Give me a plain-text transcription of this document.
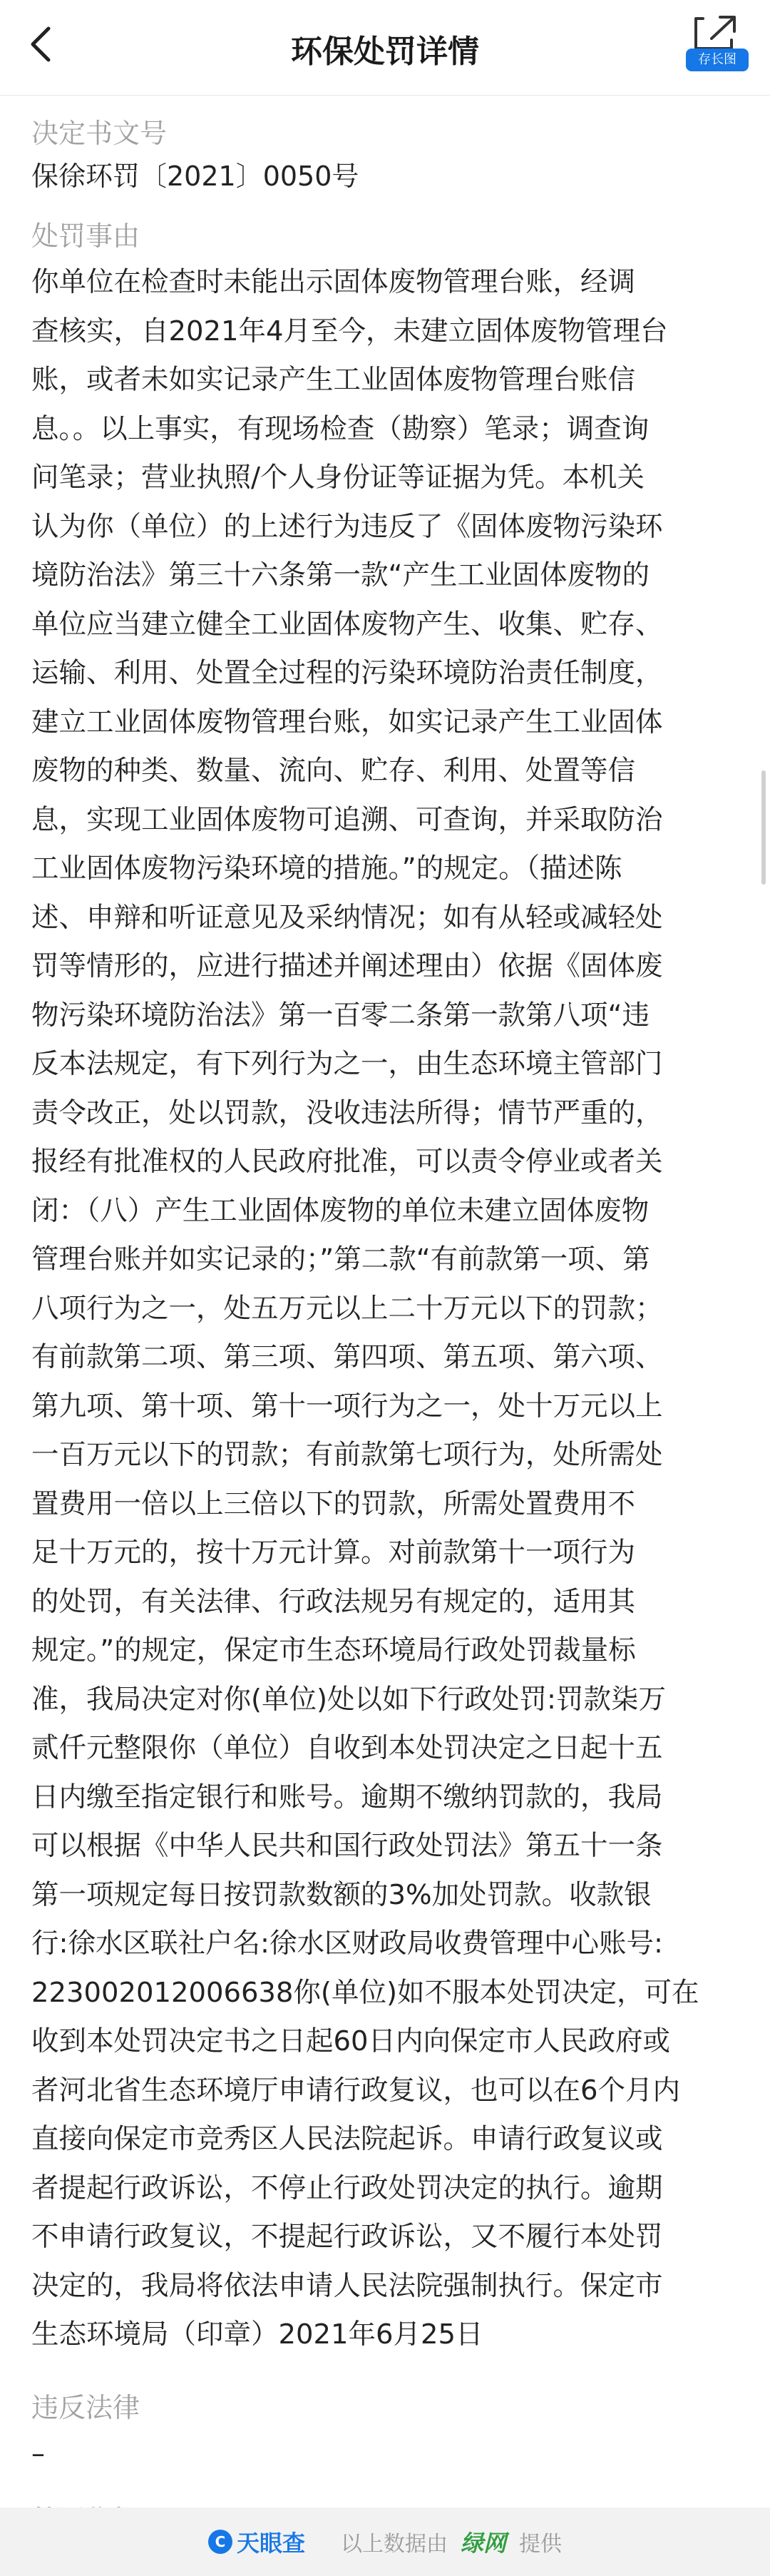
环保处罚详情	存长图
决定书文号
保徐环罚〔2021〕0050号
处罚事由
你单位在检查时未能出示固体废物管理台账，经调
查核实，自2021年4月至今，未建立固体废物管理台
账，或者未如实记录产生工业固体废物管理台账信
息。。以上事实，有现场检查（勘察）笔录；调查询
问笔录；营业执照/个人身份证等证据为凭。本机关
认为你（单位）的上述行为违反了《固体废物污染环
境防治法》第三十六条第一款“产生工业固体废物的
单位应当建立健全工业固体废物产生、收集、贮存、
运输、利用、处置全过程的污染环境防治责任制度，
建立工业固体废物管理台账，如实记录产生工业固体
废物的种类、数量、流向、贮存、利用、处置等信
息，实现工业固体废物可追溯、可查询，并采取防治
工业固体废物污染环境的措施。”的规定。（描述陈
述、申辩和听证意见及采纳情况；如有从轻或减轻处
罚等情形的，应进行描述并阐述理由）依据《固体废
物污染环境防治法》第一百零二条第一款第八项“违
反本法规定，有下列行为之一，由生态环境主管部门
责令改正，处以罚款，没收违法所得；情节严重的，
报经有批准权的人民政府批准，可以责令停业或者关
闭：（八）产生工业固体废物的单位未建立固体废物
管理台账并如实记录的；”第二款“有前款第一项、第
八项行为之一，处五万元以上二十万元以下的罚款；
有前款第二项、第三项、第四项、第五项、第六项、
第九项、第十项、第十一项行为之一，处十万元以上
一百万元以下的罚款；有前款第七项行为，处所需处
置费用一倍以上三倍以下的罚款，所需处置费用不
足十万元的，按十万元计算。对前款第十一项行为
的处罚，有关法律、行政法规另有规定的，适用其
规定。”的规定，保定市生态环境局行政处罚裁量标
准，我局决定对你(单位)处以如下行政处罚:罚款柒万
贰仟元整限你（单位）自收到本处罚决定之日起十五
日内缴至指定银行和账号。逾期不缴纳罚款的，我局
可以根据《中华人民共和国行政处罚法》第五十一条
第一项规定每日按罚款数额的3%加处罚款。收款银
行:徐水区联社户名:徐水区财政局收费管理中心账号:
223002012006638你(单位)如不服本处罚决定，可在
收到本处罚决定书之日起60日内向保定市人民政府或
者河北省生态环境厅申请行政复议，也可以在6个月内
直接向保定市竞秀区人民法院起诉。申请行政复议或
者提起行政诉讼，不停止行政处罚决定的执行。逾期
不申请行政复议，不提起行政诉讼，又不履行本处罚
决定的，我局将依法申请人民法院强制执行。保定市
生态环境局（印章）2021年6月25日
违反法律
–
C 天眼查 以上数据由 绿网 提供
